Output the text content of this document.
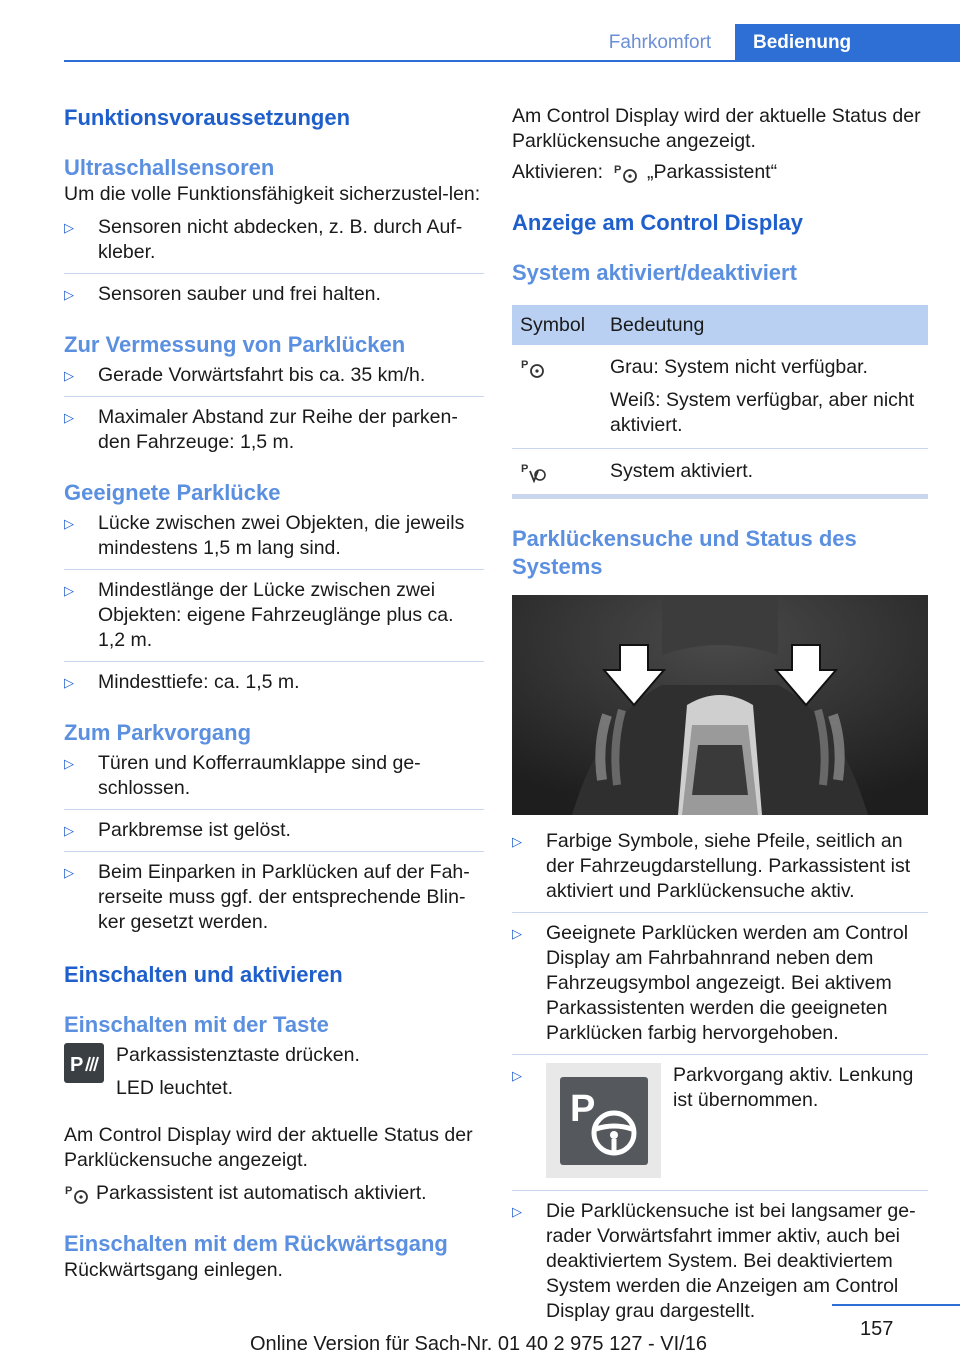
Fahrkomfort	Bedienung
Funktionsvoraussetzungen
Ultraschallsensoren

Um die volle Funktionsfähigkeit sicherzustel‐len:

▷ Sensoren nicht abdecken, z. B. durch Auf‐kleber.
▷ Sensoren sauber und frei halten.
Zur Vermessung von Parklücken
▷ Gerade Vorwärtsfahrt bis ca. 35 km/h.
▷ Maximaler Abstand zur Reihe der parken‐den Fahrzeuge: 1,5 m.
Geeignete Parklücke
▷ Lücke zwischen zwei Objekten, die jeweils mindestens 1,5 m lang sind.
▷ Mindestlänge der Lücke zwischen zwei Objekten: eigene Fahrzeuglänge plus ca. 1,2 m.
▷ Mindesttiefe: ca. 1,5 m.
Zum Parkvorgang
▷ Türen und Kofferraumklappe sind ge‐schlossen.
▷ Parkbremse ist gelöst.
▷ Beim Einparken in Parklücken auf der Fah‐rerseite muss ggf. der entsprechende Blin‐ker gesetzt werden.
Einschalten und aktivieren
Einschalten mit der Taste
P Parkassistenztaste drücken.

LED leuchtet.

Am Control Display wird der aktuelle Status der Parklückensuche angezeigt.

P Parkassistent ist automatisch aktiviert.

Einschalten mit dem Rückwärtsgang

Rückwärtsgang einlegen.

Am Control Display wird der aktuelle Status der Parklückensuche angezeigt.

Aktivieren: P „Parkassistent“

Anzeige am Control Display
System aktiviert/deaktiviert
Symbol	Bedeutung

P	Grau: System nicht verfügbar.

Weiß: System verfügbar, aber nicht aktiviert.

P	System aktiviert.
Parklückensuche und Status des Systems
▷ Farbige Symbole, siehe Pfeile, seitlich an der Fahrzeugdarstellung. Parkassistent ist aktiviert und Parklückensuche aktiv.
▷ Geeignete Parklücken werden am Control Display am Fahrbahnrand neben dem Fahrzeugsymbol angezeigt. Bei aktivem Parkassistenten werden die geeigneten Parklücken farbig hervorgehoben.
▷ P

Parkvorgang aktiv. Lenkung ist übernommen.

▷ Die Parklückensuche ist bei langsamer ge‐rader Vorwärtsfahrt immer aktiv, auch bei deaktiviertem System. Bei deaktiviertem System werden die Anzeigen am Control Display grau dargestellt.
157
Online Version für Sach-Nr. 01 40 2 975 127 - VI/16
